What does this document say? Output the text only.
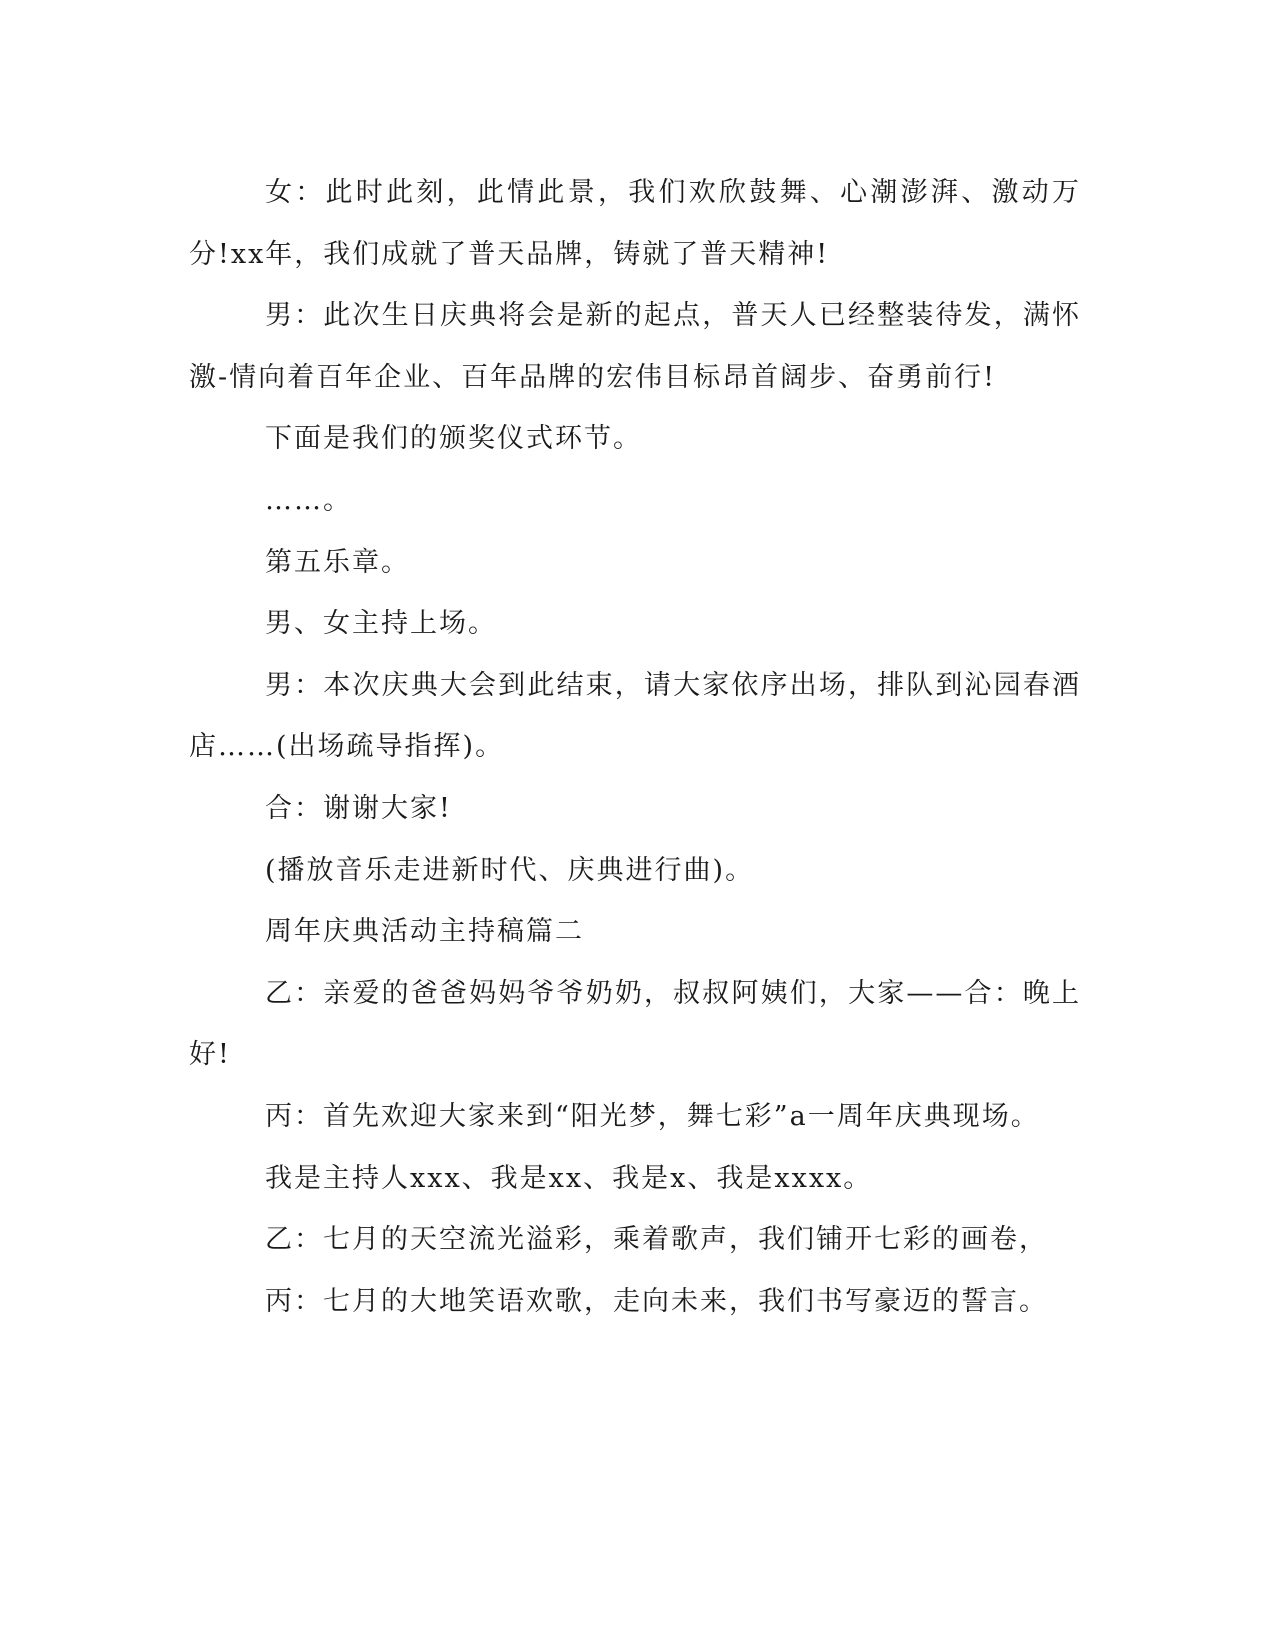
女：此时此刻，此情此景，我们欢欣鼓舞、心潮澎湃、激动万分!xx年，我们成就了普天品牌，铸就了普天精神!

男：此次生日庆典将会是新的起点，普天人已经整装待发，满怀激-情向着百年企业、百年品牌的宏伟目标昂首阔步、奋勇前行!

下面是我们的颁奖仪式环节。

……。

第五乐章。

男、女主持上场。

男：本次庆典大会到此结束，请大家依序出场，排队到沁园春酒店……(出场疏导指挥)。

合：谢谢大家!

(播放音乐走进新时代、庆典进行曲)。

周年庆典活动主持稿篇二

乙：亲爱的爸爸妈妈爷爷奶奶，叔叔阿姨们，大家——合：晚上好!

丙：首先欢迎大家来到“阳光梦，舞七彩”a一周年庆典现场。

我是主持人xxx、我是xx、我是x、我是xxxx。

乙：七月的天空流光溢彩，乘着歌声，我们铺开七彩的画卷，

丙：七月的大地笑语欢歌，走向未来，我们书写豪迈的誓言。
